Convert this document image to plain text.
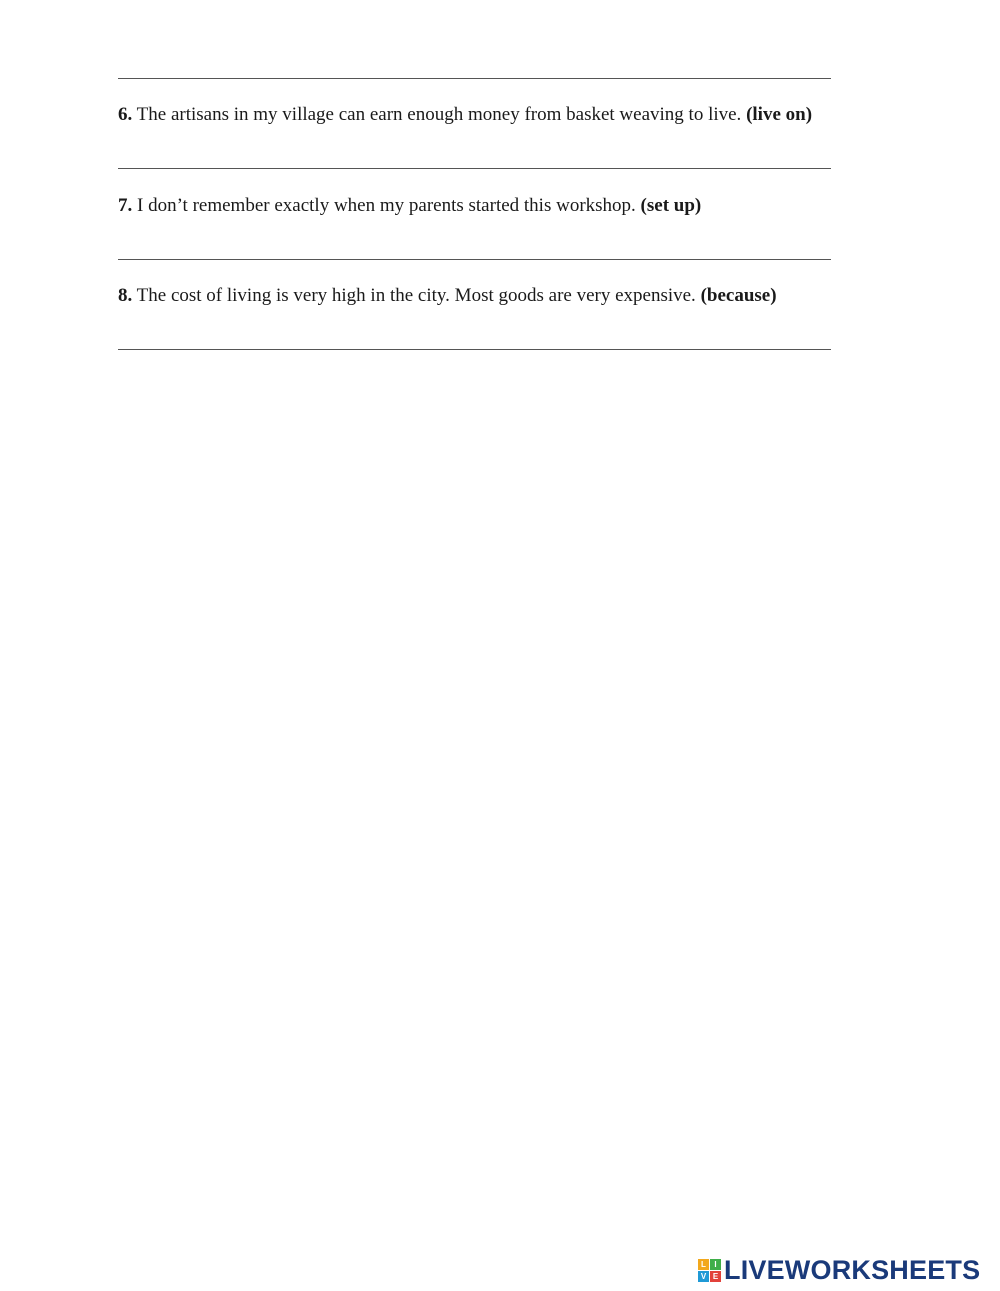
6. The artisans in my village can earn enough money from basket weaving to live. (live on)
7. I don’t remember exactly when my parents started this workshop. (set up)
8. The cost of living is very high in the city. Most goods are very expensive. (because)
L	I
V E LIVEWORKSHEETS
